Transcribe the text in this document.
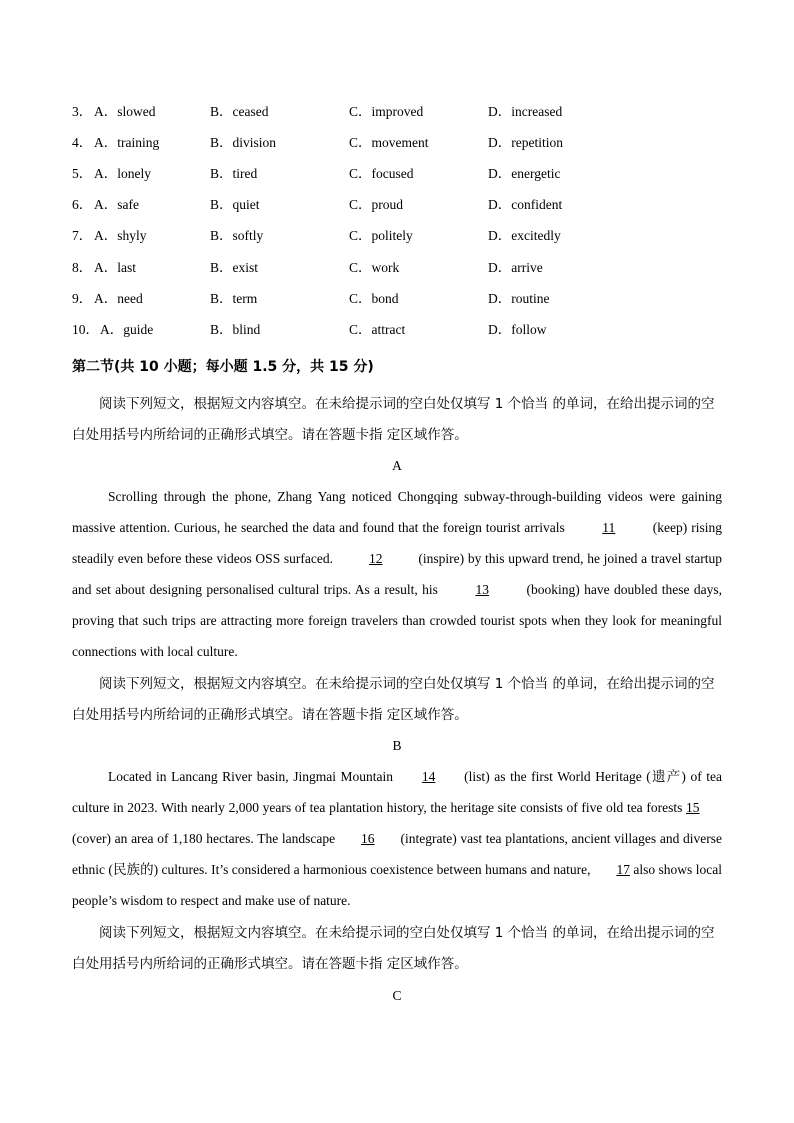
3． A．slowed	B．ceased	C．improved	D．increased
4． A．training	B．division	C．movement	D．repetition
5． A．lonely	B．tired	C．focused	D．energetic
6． A．safe	B．quiet	C．proud	D．confident
7． A．shyly	B．softly	C．politely	D．excitedly
8． A．last	B．exist	C．work	D．arrive
9． A．need	B．term	C．bond	D．routine
10． A．guide	B．blind	C．attract	D．follow
第二节(共 10 小题；每小题 1.5 分，共 15 分)

阅读下列短文，根据短文内容填空。在未给提示词的空白处仅填写 1 个恰当 的单词，在给出提示词的空白处用括号内所给词的正确形式填空。请在答题卡指 定区域作答。

A

Scrolling through the phone, Zhang Yang noticed Chongqing subway-through-building videos were gaining massive attention. Curious, he searched the data and found that the foreign tourist arrivals 11 (keep) rising steadily even before these videos OSS surfaced. 12 (inspire) by this upward trend, he joined a travel startup and set about designing personalised cultural trips. As a result, his 13 (booking) have doubled these days, proving that such trips are attracting more foreign travelers than crowded tourist spots when they look for meaningful connections with local culture.

阅读下列短文，根据短文内容填空。在未给提示词的空白处仅填写 1 个恰当 的单词，在给出提示词的空白处用括号内所给词的正确形式填空。请在答题卡指 定区域作答。

B

Located in Lancang River basin, Jingmai Mountain 14 (list) as the first World Heritage (遗产) of tea culture in 2023. With nearly 2,000 years of tea plantation history, the heritage site consists of five old tea forests 15 (cover) an area of 1,180 hectares. The landscape 16 (integrate) vast tea plantations, ancient villages and diverse ethnic (民族的) cultures. It’s considered a harmonious coexistence between humans and nature, 17 also shows local people’s wisdom to respect and make use of nature.

阅读下列短文，根据短文内容填空。在未给提示词的空白处仅填写 1 个恰当 的单词，在给出提示词的空白处用括号内所给词的正确形式填空。请在答题卡指 定区域作答。

C
